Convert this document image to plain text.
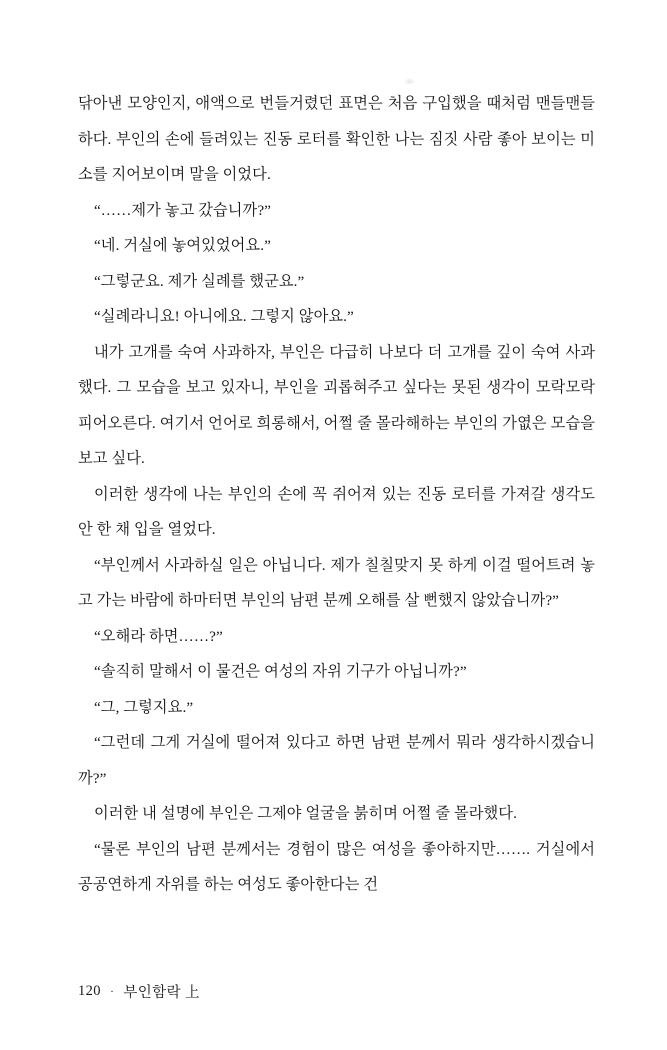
닦아낸 모양인지, 애액으로 번들거렸던 표면은 처음 구입했을 때처럼 맨들맨들하다. 부인의 손에 들려있는 진동 로터를 확인한 나는 짐짓 사람 좋아 보이는 미소를 지어보이며 말을 이었다.

“……제가 놓고 갔습니까?”

“네. 거실에 놓여있었어요.”

“그렇군요. 제가 실례를 했군요.”

“실례라니요! 아니에요. 그렇지 않아요.”

내가 고개를 숙여 사과하자, 부인은 다급히 나보다 더 고개를 깊이 숙여 사과했다. 그 모습을 보고 있자니, 부인을 괴롭혀주고 싶다는 못된 생각이 모락모락 피어오른다. 여기서 언어로 희롱해서, 어쩔 줄 몰라해하는 부인의 가엾은 모습을 보고 싶다.

이러한 생각에 나는 부인의 손에 꼭 쥐어져 있는 진동 로터를 가져갈 생각도 안 한 채 입을 열었다.

“부인께서 사과하실 일은 아닙니다. 제가 칠칠맞지 못 하게 이걸 떨어트려 놓고 가는 바람에 하마터면 부인의 남편 분께 오해를 살 뻔했지 않았습니까?”

“오해라 하면……?”

“솔직히 말해서 이 물건은 여성의 자위 기구가 아닙니까?”

“그, 그렇지요.”

“그런데 그게 거실에 떨어져 있다고 하면 남편 분께서 뭐라 생각하시겠습니까?”

이러한 내 설명에 부인은 그제야 얼굴을 붉히며 어쩔 줄 몰라했다.

“물론 부인의 남편 분께서는 경험이 많은 여성을 좋아하지만……. 거실에서 공공연하게 자위를 하는 여성도 좋아한다는 건

120 · 부인함락 上
